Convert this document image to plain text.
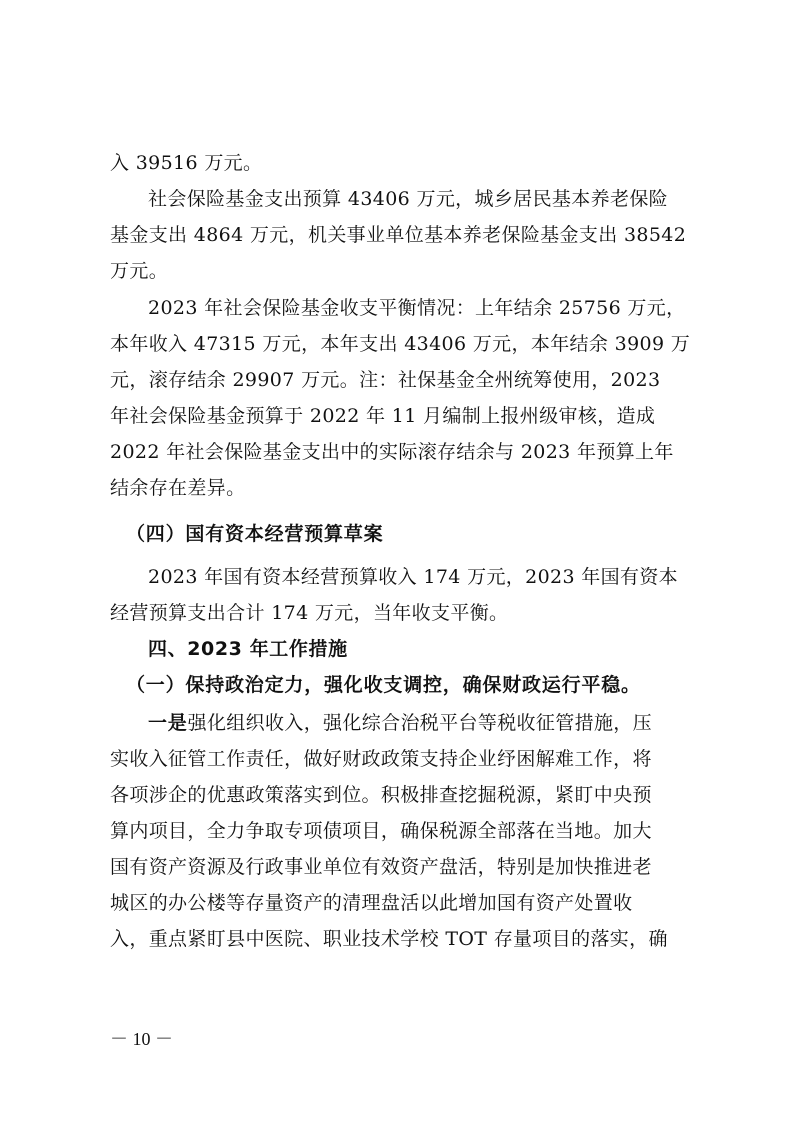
入 39516 万元。
社会保险基金支出预算 43406 万元，城乡居民基本养老保险
基金支出 4864 万元，机关事业单位基本养老保险基金支出 38542
万元。
2023 年社会保险基金收支平衡情况：上年结余 25756 万元，
本年收入 47315 万元，本年支出 43406 万元，本年结余 3909 万
元，滚存结余 29907 万元。注：社保基金全州统筹使用，2023
年社会保险基金预算于 2022 年 11 月编制上报州级审核，造成
2022 年社会保险基金支出中的实际滚存结余与 2023 年预算上年
结余存在差异。
（四）国有资本经营预算草案
2023 年国有资本经营预算收入 174 万元，2023 年国有资本
经营预算支出合计 174 万元，当年收支平衡。
四、2023 年工作措施
（一）保持政治定力，强化收支调控，确保财政运行平稳。
一是强化组织收入，强化综合治税平台等税收征管措施，压
实收入征管工作责任，做好财政政策支持企业纾困解难工作，将
各项涉企的优惠政策落实到位。积极排查挖掘税源，紧盯中央预
算内项目，全力争取专项债项目，确保税源全部落在当地。加大
国有资产资源及行政事业单位有效资产盘活，特别是加快推进老
城区的办公楼等存量资产的清理盘活以此增加国有资产处置收
入，重点紧盯县中医院、职业技术学校 TOT 存量项目的落实，确
－ 10 －
